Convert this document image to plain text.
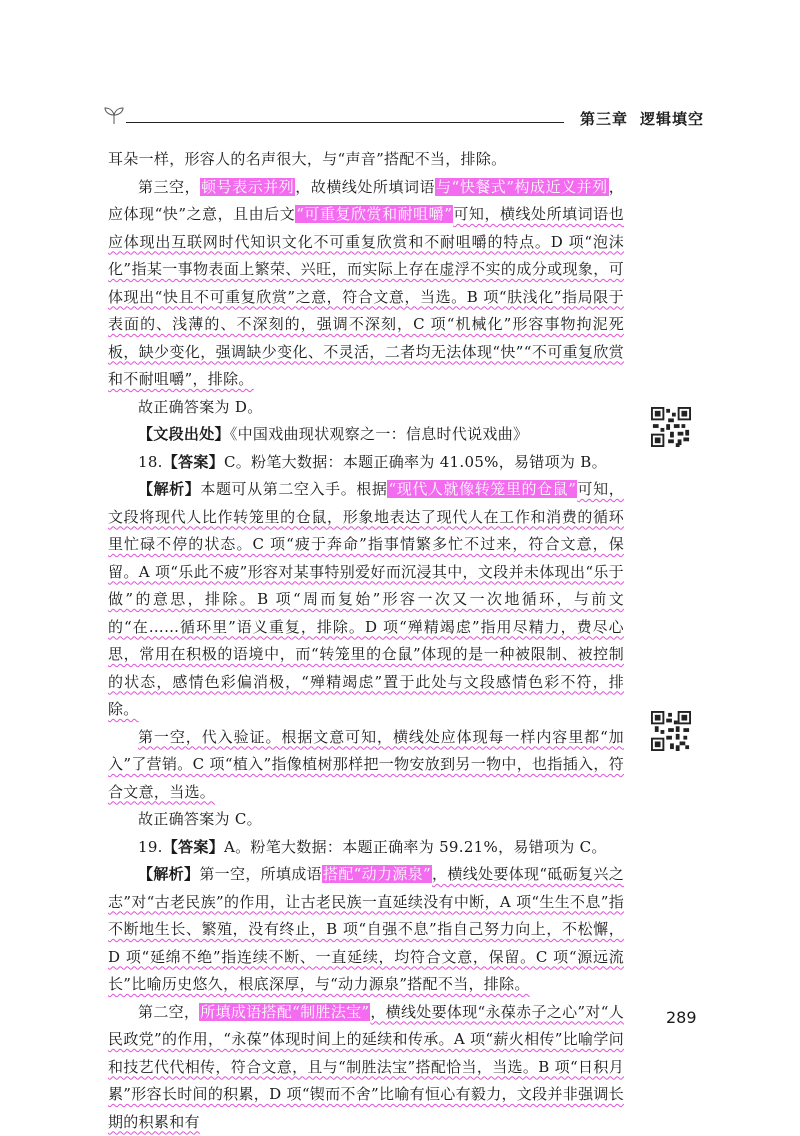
第三章 逻辑填空

耳朵一样，形容人的名声很大，与“声音”搭配不当，排除。

第三空，顿号表示并列，故横线处所填词语与“快餐式”构成近义并列，应体现“快”之意，且由后文“可重复欣赏和耐咀嚼”可知，横线处所填词语也应体现出互联网时代知识文化不可重复欣赏和不耐咀嚼的特点。D 项“泡沫化”指某一事物表面上繁荣、兴旺，而实际上存在虚浮不实的成分或现象，可体现出“快且不可重复欣赏”之意，符合文意，当选。B 项“肤浅化”指局限于表面的、浅薄的、不深刻的，强调不深刻，C 项“机械化”形容事物拘泥死板，缺少变化，强调缺少变化、不灵活，二者均无法体现“快”“不可重复欣赏和不耐咀嚼”，排除。

故正确答案为 D。

【文段出处】《中国戏曲现状观察之一：信息时代说戏曲》

18.【答案】C。粉笔大数据：本题正确率为 41.05%，易错项为 B。

【解析】本题可从第二空入手。根据“现代人就像转笼里的仓鼠”可知，文段将现代人比作转笼里的仓鼠，形象地表达了现代人在工作和消费的循环里忙碌不停的状态。C 项“疲于奔命”指事情繁多忙不过来，符合文意，保留。A 项“乐此不疲”形容对某事特别爱好而沉浸其中，文段并未体现出“乐于做”的意思，排除。B 项“周而复始”形容一次又一次地循环，与前文的“在……循环里”语义重复，排除。D 项“殚精竭虑”指用尽精力，费尽心思，常用在积极的语境中，而“转笼里的仓鼠”体现的是一种被限制、被控制的状态，感情色彩偏消极，“殚精竭虑”置于此处与文段感情色彩不符，排除。

第一空，代入验证。根据文意可知，横线处应体现每一样内容里都“加入”了营销。C 项“植入”指像植树那样把一物安放到另一物中，也指插入，符合文意，当选。

故正确答案为 C。

19.【答案】A。粉笔大数据：本题正确率为 59.21%，易错项为 C。

【解析】第一空，所填成语搭配“动力源泉”，横线处要体现“砥砺复兴之志”对“古老民族”的作用，让古老民族一直延续没有中断，A 项“生生不息”指不断地生长、繁殖，没有终止，B 项“自强不息”指自己努力向上，不松懈，D 项“延绵不绝”指连续不断、一直延续，均符合文意，保留。C 项“源远流长”比喻历史悠久，根底深厚，与“动力源泉”搭配不当，排除。

第二空，所填成语搭配“制胜法宝”，横线处要体现“永葆赤子之心”对“人民政党”的作用，“永葆”体现时间上的延续和传承。A 项“薪火相传”比喻学问和技艺代代相传，符合文意，且与“制胜法宝”搭配恰当，当选。B 项“日积月累”形容长时间的积累，D 项“锲而不舍”比喻有恒心有毅力，文段并非强调长期的积累和有

289
